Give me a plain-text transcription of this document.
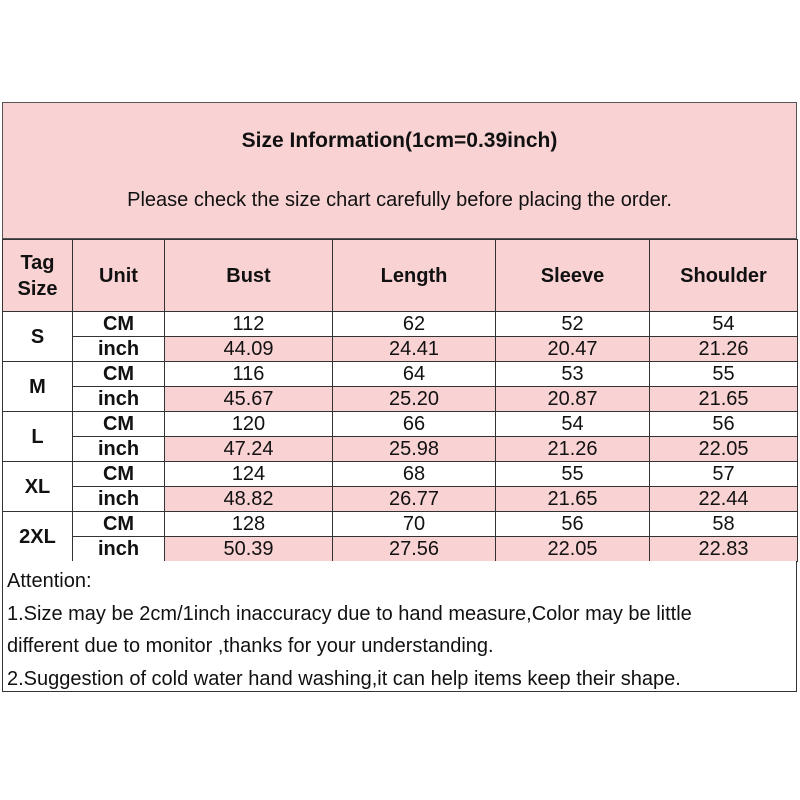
Size Information(1cm=0.39inch)
Please check the size chart carefully before placing the order.
Tag Size	Unit	Bust	Length	Sleeve	Shoulder
S	CM	112	62	52	54
	inch	44.09	24.41	20.47	21.26
M	CM	116	64	53	55
	inch	45.67	25.20	20.87	21.65
L	CM	120	66	54	56
	inch	47.24	25.98	21.26	22.05
XL	CM	124	68	55	57
	inch	48.82	26.77	21.65	22.44
2XL	CM	128	70	56	58
	inch	50.39	27.56	22.05	22.83
Attention:
1.Size may be 2cm/1inch inaccuracy due to hand measure,Color may be little
different due to monitor ,thanks for your understanding.
2.Suggestion of cold water hand washing,it can help items keep their shape.
